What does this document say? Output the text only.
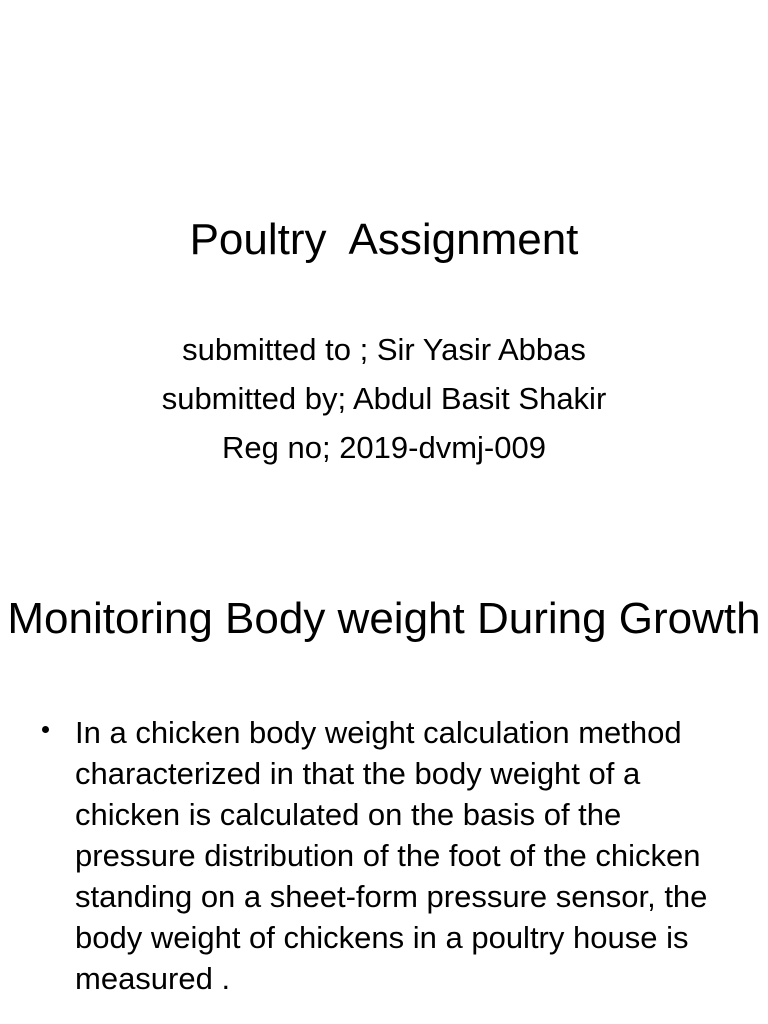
Poultry  Assignment

submitted to ; Sir Yasir Abbas

submitted by; Abdul Basit Shakir

Reg no; 2019-dvmj-009

Monitoring Body weight During Growth

In a chicken body weight calculation method characterized in that the body weight of a chicken is calculated on the basis of the pressure distribution of the foot of the chicken standing on a sheet-form pressure sensor, the body weight of chickens in a poultry house is measured .
